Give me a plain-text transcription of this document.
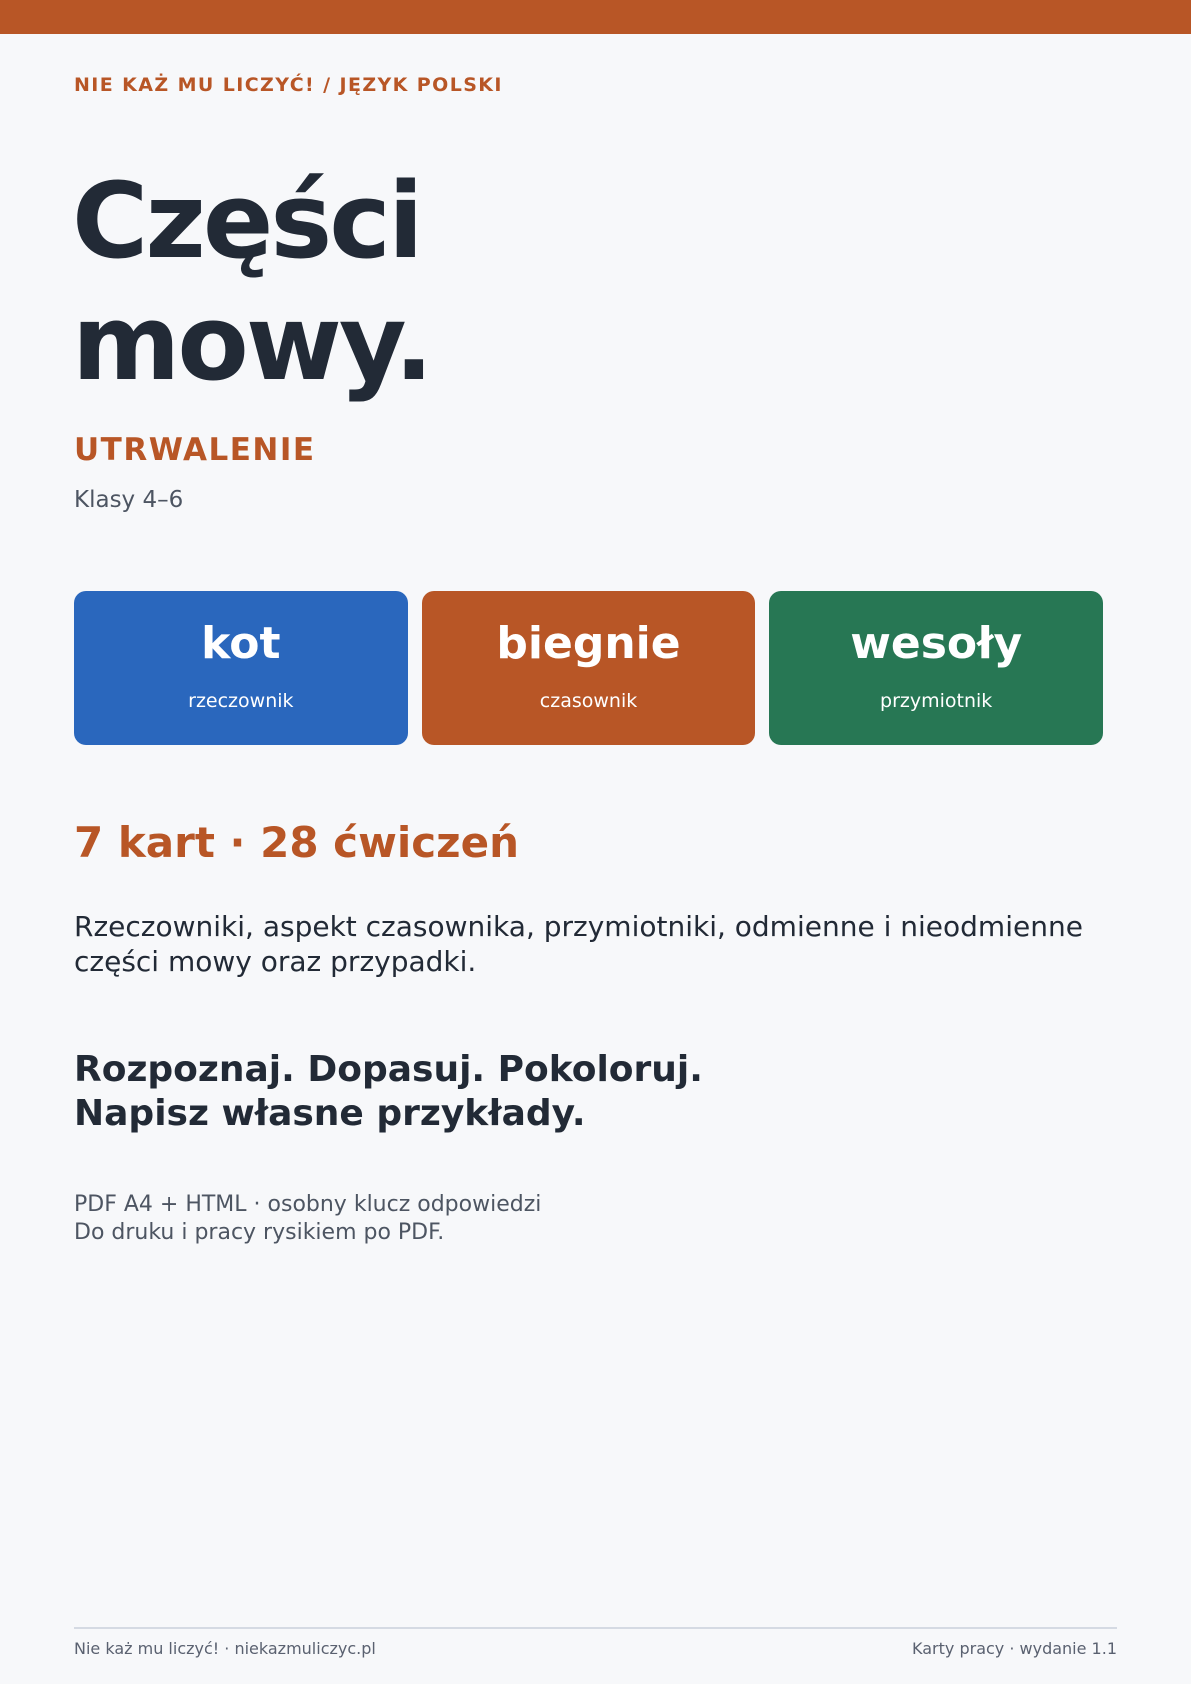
NIE KAŻ MU LICZYĆ! / JĘZYK POLSKI
Części
mowy.
UTRWALENIE
Klasy 4–6
kot
rzeczownik
biegnie
czasownik
wesoły
przymiotnik
7 kart · 28 ćwiczeń

Rzeczowniki, aspekt czasownika, przymiotniki, odmienne i nieodmienne części mowy oraz przypadki.

Rozpoznaj. Dopasuj. Pokoloruj.
Napisz własne przykłady.
PDF A4 + HTML · osobny klucz odpowiedzi
Do druku i pracy rysikiem po PDF.
Nie każ mu liczyć! · niekazmuliczyc.pl	Karty pracy · wydanie 1.1
